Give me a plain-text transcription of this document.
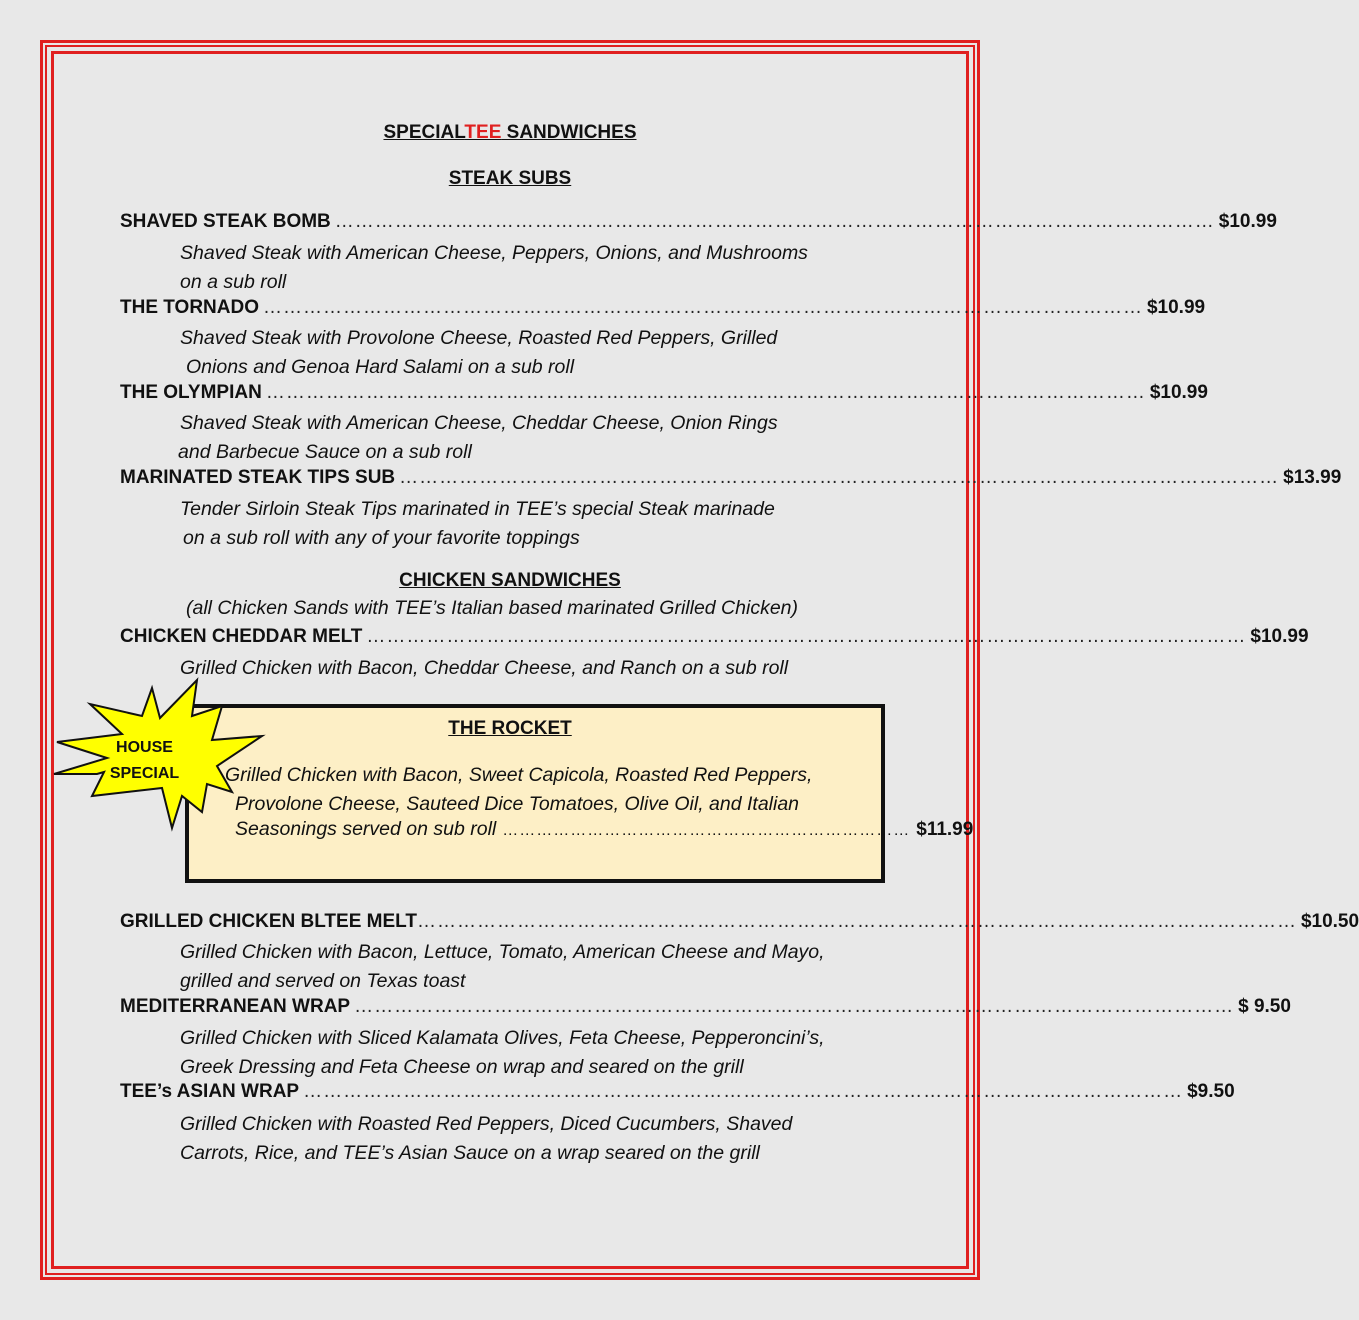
SPECIALTEE SANDWICHES
STEAK SUBS
SHAVED STEAK BOMB …………………………………………………………………………………………………………………… $10.99
Shaved Steak with American Cheese, Peppers, Onions, and Mushrooms
on a sub roll
THE TORNADO …………………………………………………………………………………………………………………… $10.99
Shaved Steak with Provolone Cheese, Roasted Red Peppers, Grilled
Onions and Genoa Hard Salami on a sub roll
THE OLYMPIAN …………………………………………………………………………………………………………………… $10.99
Shaved Steak with American Cheese, Cheddar Cheese, Onion Rings
and Barbecue Sauce on a sub roll
MARINATED STEAK TIPS SUB …………………………………………………………………………………………………………………… $13.99
Tender Sirloin Steak Tips marinated in TEE’s special Steak marinade
on a sub roll with any of your favorite toppings
CHICKEN SANDWICHES
(all Chicken Sands with TEE’s Italian based marinated Grilled Chicken)
CHICKEN CHEDDAR MELT …………………………………………………………………………………………………………………… $10.99
Grilled Chicken with Bacon, Cheddar Cheese, and Ranch on a sub roll
THE ROCKET
Grilled Chicken with Bacon, Sweet Capicola, Roasted Red Peppers,
Provolone Cheese, Sauteed Dice Tomatoes, Olive Oil, and Italian
Seasonings served on sub roll ……………………………………………………………… $11.99
HOUSE
SPECIAL
GRILLED CHICKEN BLTEE MELT …………………………………………………………………………………………………………………… $10.50
Grilled Chicken with Bacon, Lettuce, Tomato, American Cheese and Mayo,
grilled and served on Texas toast
MEDITERRANEAN WRAP …………………………………………………………………………………………………………………… $ 9.50
Grilled Chicken with Sliced Kalamata Olives, Feta Cheese, Pepperoncini’s,
Greek Dressing and Feta Cheese on wrap and seared on the grill
TEE’s ASIAN WRAP …………………………………………………………………………………………………………………… $9.50
Grilled Chicken with Roasted Red Peppers, Diced Cucumbers, Shaved
Carrots, Rice, and TEE’s Asian Sauce on a wrap seared on the grill
